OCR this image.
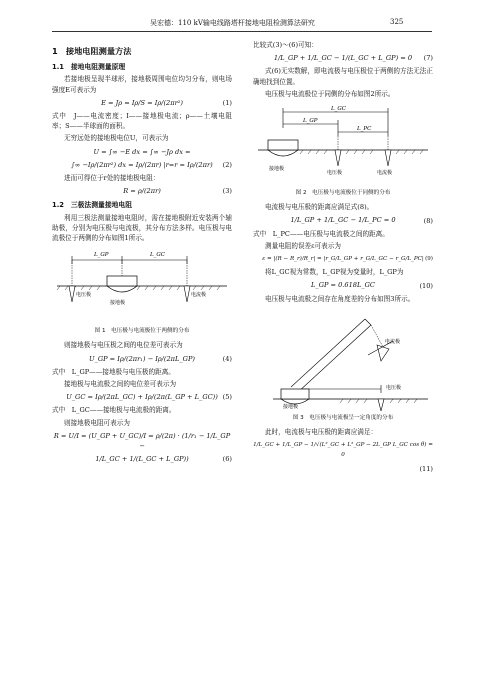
吴宏德：110 kV输电线路塔杆接地电阻检测算法研究	325
1　接地电阻测量方法
1.1　接地电阻测量原理

若接地极呈现半球形，接地极周围电位均匀分布，则电场强度E可表示为

E = Jρ = Iρ/S = Iρ/(2πr²)	(1)

式中　J——电流密度；I——接地极电流；ρ——土壤电阻率；S——半球面的面积。

无穷远处的接地极电位U，可表示为

U = ∫∞ −E dx = ∫∞ −Jρ dx =
∫∞ −Iρ/(2πr²) dx = Iρ/(2πr) |r=r = Iρ/(2πr) (2)

进而可得位于r处的接地极电阻：

R = ρ/(2πr)	(3)
1.2　三极法测量接地电阻

利用三极法测量接地电阻时，需在接地极附近安装两个辅助极，分别为电压极与电流极，其分布方法多样。电压极与电流极位于两侧的分布如图1所示。

L_GP	L_GC
电压极
接地极
电流极
图 1　电压极与电流极位于两侧的分布

则接地极与电压极之间的电位差可表示为

U_GP = Iρ/(2πr₁) − Iρ/(2πL_GP)	(4)

式中　L_GP——接地极与电压极的距离。

接地极与电流极之间的电位差可表示为

U_GC = Iρ/(2πL_GC) + Iρ/(2π(L_GP + L_GC)) (5)

式中　L_GC——接地极与电流极的距离。

则接地极电阻可表示为

R = U/I = (U_GP + U_GC)/I = ρ/(2π) · (1/r₁ − 1/L_GP −
1/L_GC + 1/(L_GC + L_GP))	(6)

比较式(3)～(6)可知：

1/L_GP + 1/L_GC − 1/(L_GC + L_GP) = 0 (7)

式(6)无实数解，即电流极与电压极位于两侧的方法无法正确地找到位置。

电压极与电流极位于同侧的分布如图2所示。

L_GC
L_GP
L_PC
接地极
电压极	电流极
图 2　电压极与电流极位于同侧的分布

电流极与电压极的距离应满足式(8)。

1/L_GP + 1/L_GC − 1/L_PC = 0	(8)

式中　L_PC——电压极与电流极之间的距离。

测量电阻的误差ε可表示为

ε = |(R − R_r)/R_r| = |r_G/L_GP + r_G/L_GC − r_G/L_PC| (9)

将L_GC视为常数，L_GP视为变量时，L_GP为

L_GP = 0.618L_GC	(10)

电压极与电流极之间存在角度差的分布如图3所示。

电流极
电压极
接地极
图 3　电压极与电流极呈一定角度的分布

此时，电流极与电压极的距离应满足：

1/L_GC + 1/L_GP − 1/√(L²_GC + L²_GP − 2L_GP L_GC cos θ) = 0
(11)
